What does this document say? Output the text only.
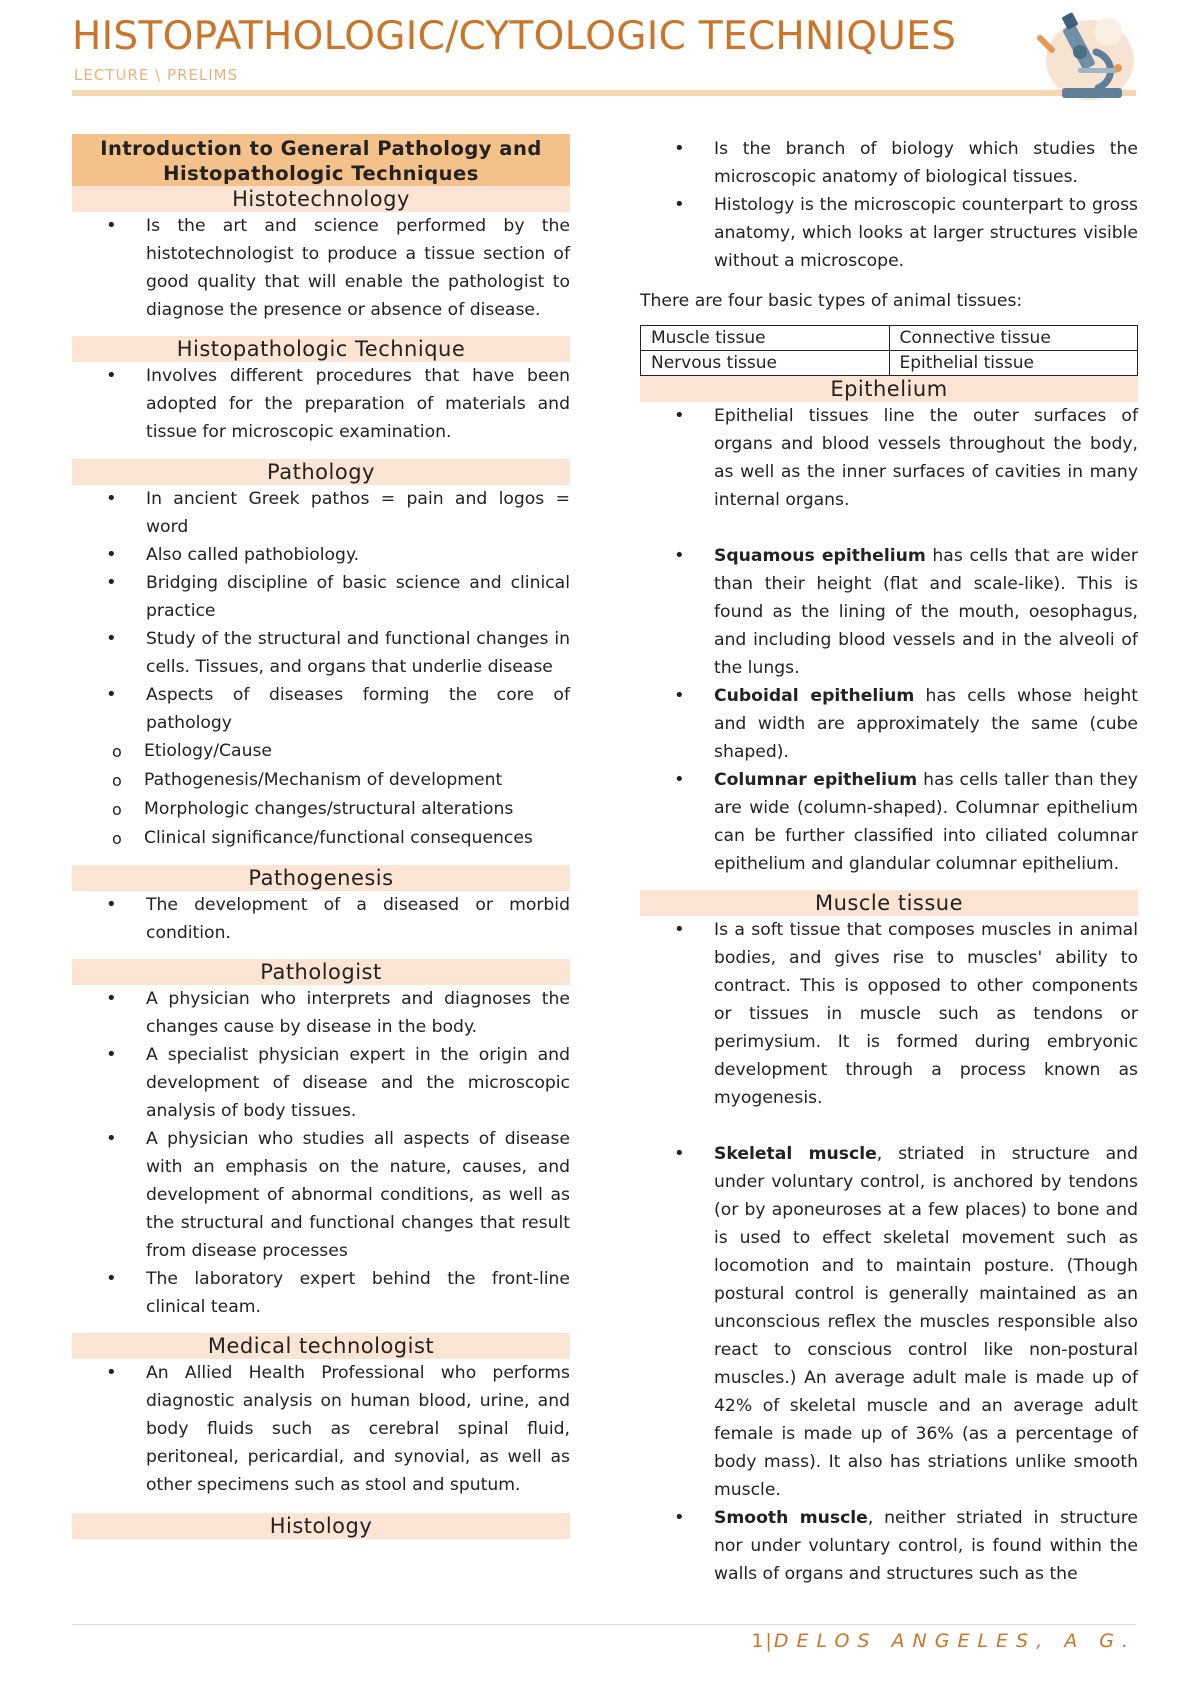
HISTOPATHOLOGIC/CYTOLOGIC TECHNIQUES
LECTURE \ PRELIMS
Introduction to General Pathology and Histopathologic Techniques
Histotechnology
• Is the art and science performed by the histotechnologist to produce a tissue section of good quality that will enable the pathologist to diagnose the presence or absence of disease.
Histopathologic Technique
• Involves different procedures that have been adopted for the preparation of materials and tissue for microscopic examination.
Pathology
• In ancient Greek pathos = pain and logos = word
• Also called pathobiology.
• Bridging discipline of basic science and clinical practice
• Study of the structural and functional changes in cells. Tissues, and organs that underlie disease
• Aspects of diseases forming the core of pathology
o Etiology/Cause
o Pathogenesis/Mechanism of development
o Morphologic changes/structural alterations
o Clinical significance/functional consequences
Pathogenesis
• The development of a diseased or morbid condition.
Pathologist
• A physician who interprets and diagnoses the changes cause by disease in the body.
• A specialist physician expert in the origin and development of disease and the microscopic analysis of body tissues.
• A physician who studies all aspects of disease with an emphasis on the nature, causes, and development of abnormal conditions, as well as the structural and functional changes that result from disease processes
• The laboratory expert behind the front-line clinical team.
Medical technologist
• An Allied Health Professional who performs diagnostic analysis on human blood, urine, and body fluids such as cerebral spinal fluid, peritoneal, pericardial, and synovial, as well as other specimens such as stool and sputum.
Histology
• Is the branch of biology which studies the microscopic anatomy of biological tissues.
• Histology is the microscopic counterpart to gross anatomy, which looks at larger structures visible without a microscope.

There are four basic types of animal tissues:

Muscle tissue	Connective tissue
Nervous tissue	Epithelial tissue
Epithelium
• Epithelial tissues line the outer surfaces of organs and blood vessels throughout the body, as well as the inner surfaces of cavities in many internal organs.
• Squamous epithelium has cells that are wider than their height (flat and scale-like). This is found as the lining of the mouth, oesophagus, and including blood vessels and in the alveoli of the lungs.
• Cuboidal epithelium has cells whose height and width are approximately the same (cube shaped).
• Columnar epithelium has cells taller than they are wide (column-shaped). Columnar epithelium can be further classified into ciliated columnar epithelium and glandular columnar epithelium.
Muscle tissue
• Is a soft tissue that composes muscles in animal bodies, and gives rise to muscles' ability to contract. This is opposed to other components or tissues in muscle such as tendons or perimysium. It is formed during embryonic development through a process known as myogenesis.
• Skeletal muscle, striated in structure and under voluntary control, is anchored by tendons (or by aponeuroses at a few places) to bone and is used to effect skeletal movement such as locomotion and to maintain posture. (Though postural control is generally maintained as an unconscious reflex the muscles responsible also react to conscious control like non-postural muscles.) An average adult male is made up of 42% of skeletal muscle and an average adult female is made up of 36% (as a percentage of body mass). It also has striations unlike smooth muscle.
• Smooth muscle, neither striated in structure nor under voluntary control, is found within the walls of organs and structures such as the
1|DELOS ANGELES, A G.
